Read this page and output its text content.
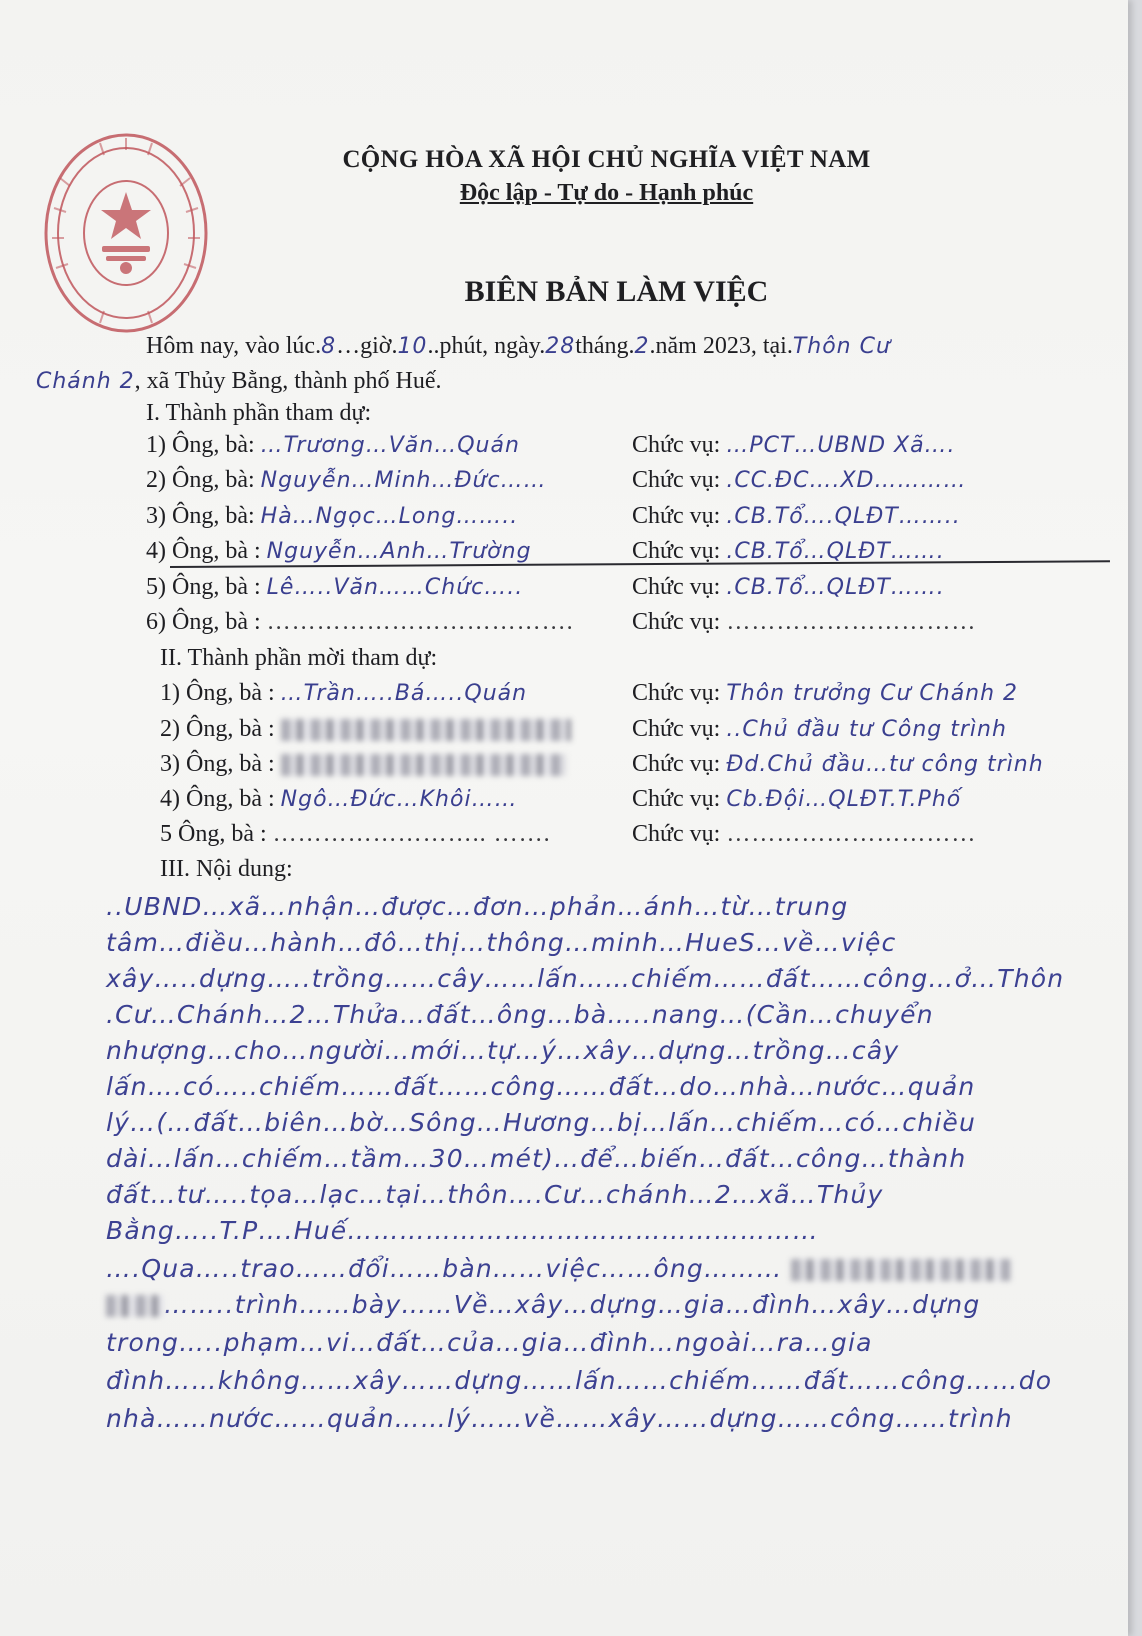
CỘNG HÒA XÃ HỘI CHỦ NGHĨA VIỆT NAM
Độc lập - Tự do - Hạnh phúc
BIÊN BẢN LÀM VIỆC
Hôm nay, vào lúc.8…giờ.10..phút, ngày.28tháng.2.năm 2023, tại.Thôn Cư
Chánh 2, xã Thủy Bằng, thành phố Huế.
I. Thành phần tham dự:
1) Ông, bà: …Trương…Văn…Quán	Chức vụ: …PCT…UBND Xã….
2) Ông, bà: Nguyễn…Minh…Đức……	Chức vụ: .CC.ĐC….XD…………
3) Ông, bà: Hà…Ngọc…Long……..	Chức vụ: .CB.Tổ….QLĐT……..
4) Ông, bà : Nguyễn…Anh…Trường	Chức vụ: .CB.Tổ…QLĐT…….
5) Ông, bà : Lê…..Văn……Chức…..	Chức vụ: .CB.Tổ…QLĐT…….
6) Ông, bà : ………………………………. Chức vụ: …………………………
II. Thành phần mời tham dự:
1) Ông, bà : …Trần…..Bá…..Quán	Chức vụ: Thôn trưởng Cư Chánh 2
2) Ông, bà :	Chức vụ: ..Chủ đầu tư Công trình
3) Ông, bà :	Chức vụ: Đd.Chủ đầu…tư công trình
4) Ông, bà : Ngô…Đức…Khôi……	Chức vụ: Cb.Đội…QLĐT.T.Phố
5 Ông, bà : …………………….. …….	Chức vụ: …………………………
III. Nội dung:
..UBND…xã…nhận…được…đơn…phản…ánh…từ…trung
tâm…điều…hành…đô…thị…thông…minh…HueS…về…việc
xây…..dựng…..trồng……cây……lấn……chiếm……đất……công…ở…Thôn
.Cư…Chánh…2…Thửa…đất…ông…bà…..nang…(Cần…chuyển
nhượng…cho…người…mới…tự…ý…xây…dựng…trồng…cây
lấn….có…..chiếm……đất……công……đất…do…nhà…nước…quản
lý…(…đất…biên…bờ…Sông…Hương…bị…lấn…chiếm…có…chiều
dài…lấn…chiếm…tầm…30…mét)…để…biến…đất…công…thành
đất…tư…..tọa…lạc…tại…thôn….Cư…chánh…2…xã…Thủy
Bằng…..T.P….Huế………………………………………………
….Qua…..trao……đổi……bàn……việc……ông………
……..trình……bày……Về…xây…dựng…gia…đình…xây…dựng
trong…..phạm…vi…đất…của…gia…đình…ngoài…ra…gia
đình……không……xây……dựng……lấn……chiếm……đất……công……do
nhà……nước……quản……lý……về……xây……dựng……công……trình
